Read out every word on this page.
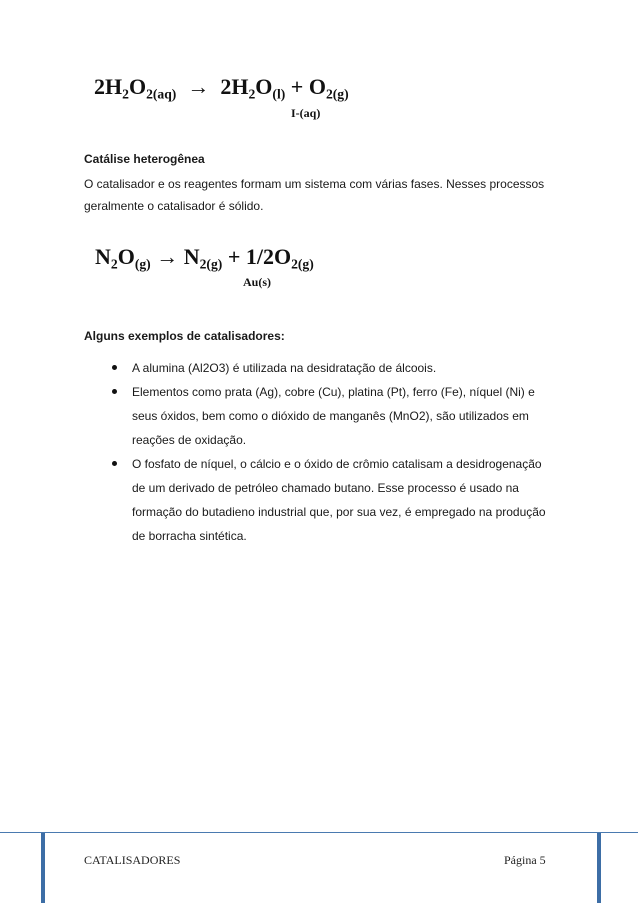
$2H_2O_{2(aq)} \to 2H_2O_{(l)} + O_{2(g)}$
I-(aq)

Catálise heterogênea

O catalisador e os reagentes formam um sistema com várias fases. Nesses processos geralmente o catalisador é sólido.

$N_2O_{(g)} \to N_{2(g)} + 1/2O_{2(g)}$
Au(s)

Alguns exemplos de catalisadores:

A alumina (Al2O3) é utilizada na desidratação de álcoois.
Elementos como prata (Ag), cobre (Cu), platina (Pt), ferro (Fe), níquel (Ni) e seus óxidos, bem como o dióxido de manganês (MnO2), são utilizados em reações de oxidação.
O fosfato de níquel, o cálcio e o óxido de crômio catalisam a desidrogenação de um derivado de petróleo chamado butano. Esse processo é usado na formação do butadieno industrial que, por sua vez, é empregado na produção de borracha sintética.
CATALISADORES	Página 5
